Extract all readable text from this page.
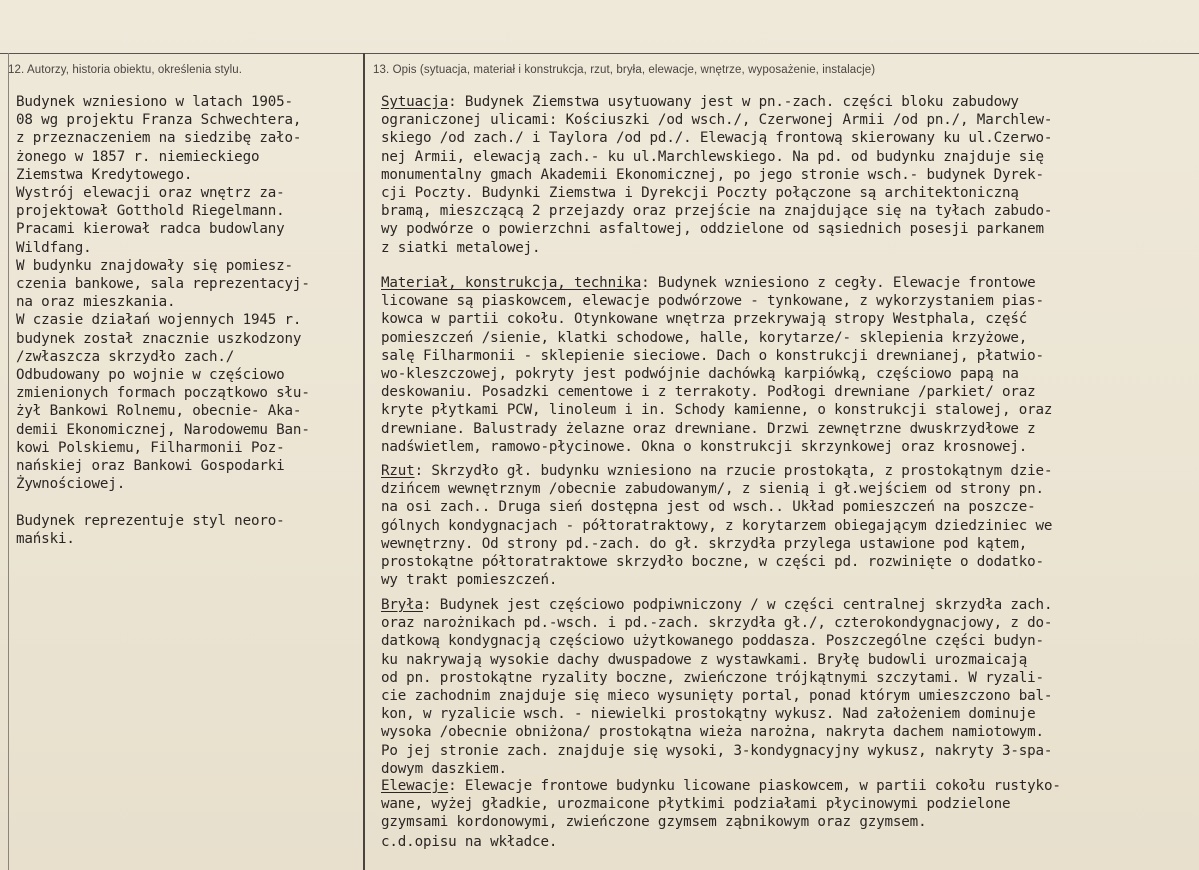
12. Autorzy, historia obiektu, określenia stylu.	13. Opis (sytuacja, materiał i konstrukcja, rzut, bryła, elewacje, wnętrze, wyposażenie, instalacje)
Budynek wzniesiono w latach 1905-
08 wg projektu Franza Schwechtera,
z przeznaczeniem na siedzibę zało-
żonego w 1857 r. niemieckiego
Ziemstwa Kredytowego.
Wystrój elewacji oraz wnętrz za-
projektował Gotthold Riegelmann.
Pracami kierował radca budowlany
Wildfang.
W budynku znajdowały się pomiesz-
czenia bankowe, sala reprezentacyj-
na oraz mieszkania.
W czasie działań wojennych 1945 r.
budynek został znacznie uszkodzony
/zwłaszcza skrzydło zach./
Odbudowany po wojnie w częściowo
zmienionych formach początkowo słu-
żył Bankowi Rolnemu, obecnie- Aka-
demii Ekonomicznej, Narodowemu Ban-
kowi Polskiemu, Filharmonii Poz-
nańskiej oraz Bankowi Gospodarki
Żywnościowej.
Budynek reprezentuje styl neoro-
mański.
Sytuacja: Budynek Ziemstwa usytuowany jest w pn.-zach. części bloku zabudowy
ograniczonej ulicami: Kościuszki /od wsch./, Czerwonej Armii /od pn./, Marchlew-
skiego /od zach./ i Taylora /od pd./. Elewacją frontową skierowany ku ul.Czerwo-
nej Armii, elewacją zach.- ku ul.Marchlewskiego. Na pd. od budynku znajduje się
monumentalny gmach Akademii Ekonomicznej, po jego stronie wsch.- budynek Dyrek-
cji Poczty. Budynki Ziemstwa i Dyrekcji Poczty połączone są architektoniczną
bramą, mieszczącą 2 przejazdy oraz przejście na znajdujące się na tyłach zabudo-
wy podwórze o powierzchni asfaltowej, oddzielone od sąsiednich posesji parkanem
z siatki metalowej.
Materiał, konstrukcja, technika: Budynek wzniesiono z cegły. Elewacje frontowe
licowane są piaskowcem, elewacje podwórzowe - tynkowane, z wykorzystaniem pias-
kowca w partii cokołu. Otynkowane wnętrza przekrywają stropy Westphala, część
pomieszczeń /sienie, klatki schodowe, halle, korytarze/- sklepienia krzyżowe,
salę Filharmonii - sklepienie sieciowe. Dach o konstrukcji drewnianej, płatwio-
wo-kleszczowej, pokryty jest podwójnie dachówką karpiówką, częściowo papą na
deskowaniu. Posadzki cementowe i z terrakoty. Podłogi drewniane /parkiet/ oraz
kryte płytkami PCW, linoleum i in. Schody kamienne, o konstrukcji stalowej, oraz
drewniane. Balustrady żelazne oraz drewniane. Drzwi zewnętrzne dwuskrzydłowe z
nadświetlem, ramowo-płycinowe. Okna o konstrukcji skrzynkowej oraz krosnowej.
Rzut: Skrzydło gł. budynku wzniesiono na rzucie prostokąta, z prostokątnym dzie-
dzińcem wewnętrznym /obecnie zabudowanym/, z sienią i gł.wejściem od strony pn.
na osi zach.. Druga sień dostępna jest od wsch.. Układ pomieszczeń na poszcze-
gólnych kondygnacjach - półtoratraktowy, z korytarzem obiegającym dziedziniec we
wewnętrzny. Od strony pd.-zach. do gł. skrzydła przylega ustawione pod kątem,
prostokątne półtoratraktowe skrzydło boczne, w części pd. rozwinięte o dodatko-
wy trakt pomieszczeń.
Bryła: Budynek jest częściowo podpiwniczony / w części centralnej skrzydła zach.
oraz narożnikach pd.-wsch. i pd.-zach. skrzydła gł./, czterokondygnacjowy, z do-
datkową kondygnacją częściowo użytkowanego poddasza. Poszczególne części budyn-
ku nakrywają wysokie dachy dwuspadowe z wystawkami. Bryłę budowli urozmaicają
od pn. prostokątne ryzality boczne, zwieńczone trójkątnymi szczytami. W ryzali-
cie zachodnim znajduje się mieco wysunięty portal, ponad którym umieszczono bal-
kon, w ryzalicie wsch. - niewielki prostokątny wykusz. Nad założeniem dominuje
wysoka /obecnie obniżona/ prostokątna wieża narożna, nakryta dachem namiotowym.
Po jej stronie zach. znajduje się wysoki, 3-kondygnacyjny wykusz, nakryty 3-spa-
dowym daszkiem.
Elewacje: Elewacje frontowe budynku licowane piaskowcem, w partii cokołu rustyko-
wane, wyżej gładkie, urozmaicone płytkimi podziałami płycinowymi podzielone
gzymsami kordonowymi, zwieńczone gzymsem ząbnikowym oraz gzymsem.
c.d.opisu na wkładce.
